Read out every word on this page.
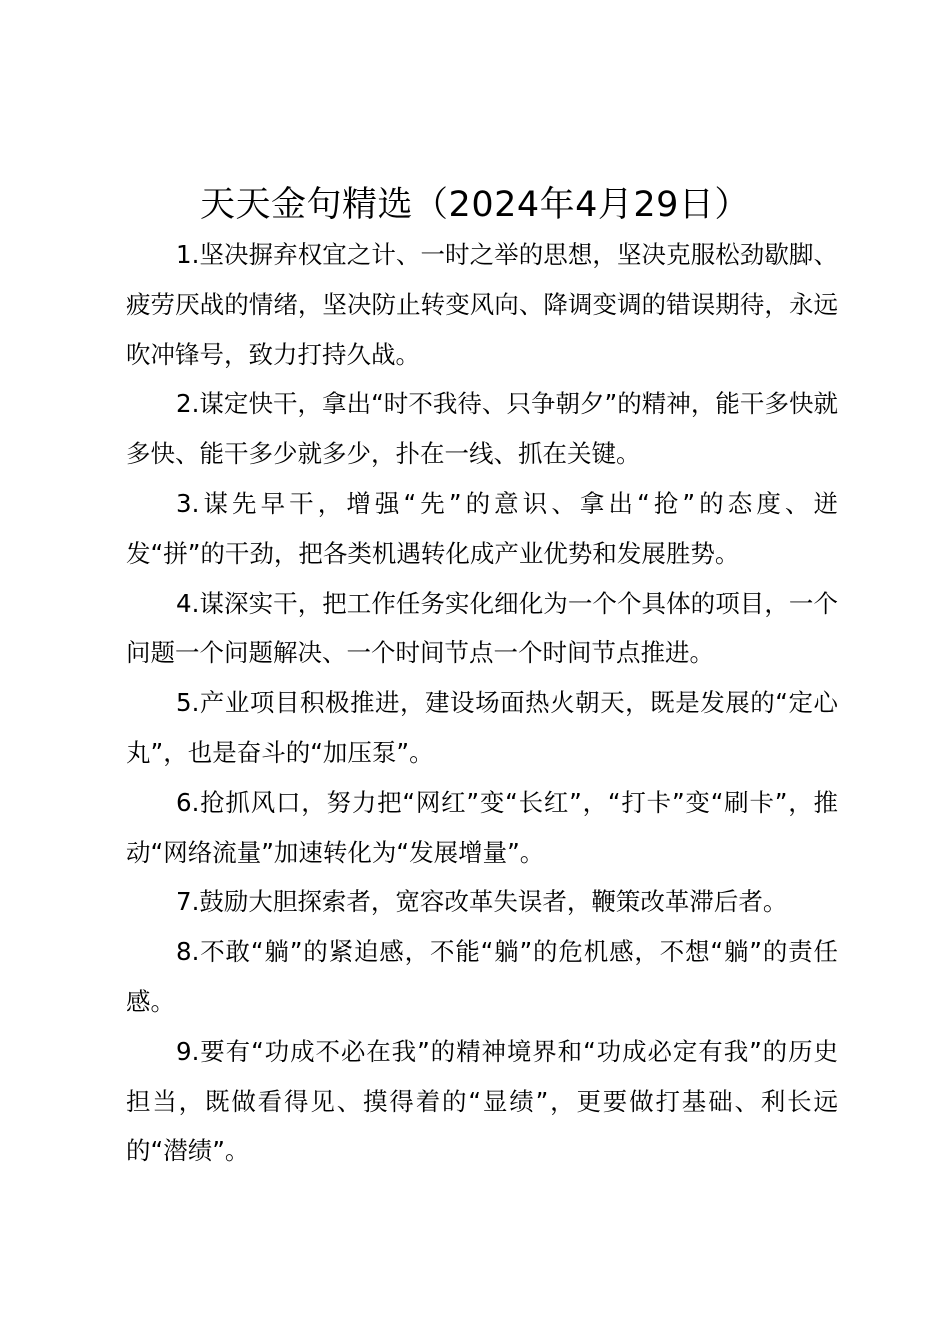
天天金句精选（2024年4月29日）

1.坚决摒弃权宜之计、一时之举的思想，坚决克服松劲歇脚、疲劳厌战的情绪，坚决防止转变风向、降调变调的错误期待，永远吹冲锋号，致力打持久战。

2.谋定快干，拿出“时不我待、只争朝夕”的精神，能干多快就多快、能干多少就多少，扑在一线、抓在关键。

3.谋先早干，增强“先”的意识、拿出“抢”的态度、迸发“拼”的干劲，把各类机遇转化成产业优势和发展胜势。

4.谋深实干，把工作任务实化细化为一个个具体的项目，一个问题一个问题解决、一个时间节点一个时间节点推进。

5.产业项目积极推进，建设场面热火朝天，既是发展的“定心丸”，也是奋斗的“加压泵”。

6.抢抓风口，努力把“网红”变“长红”，“打卡”变“刷卡”，推动“网络流量”加速转化为“发展增量”。

7.鼓励大胆探索者，宽容改革失误者，鞭策改革滞后者。

8.不敢“躺”的紧迫感，不能“躺”的危机感，不想“躺”的责任感。

9.要有“功成不必在我”的精神境界和“功成必定有我”的历史担当，既做看得见、摸得着的“显绩”，更要做打基础、利长远的“潜绩”。
